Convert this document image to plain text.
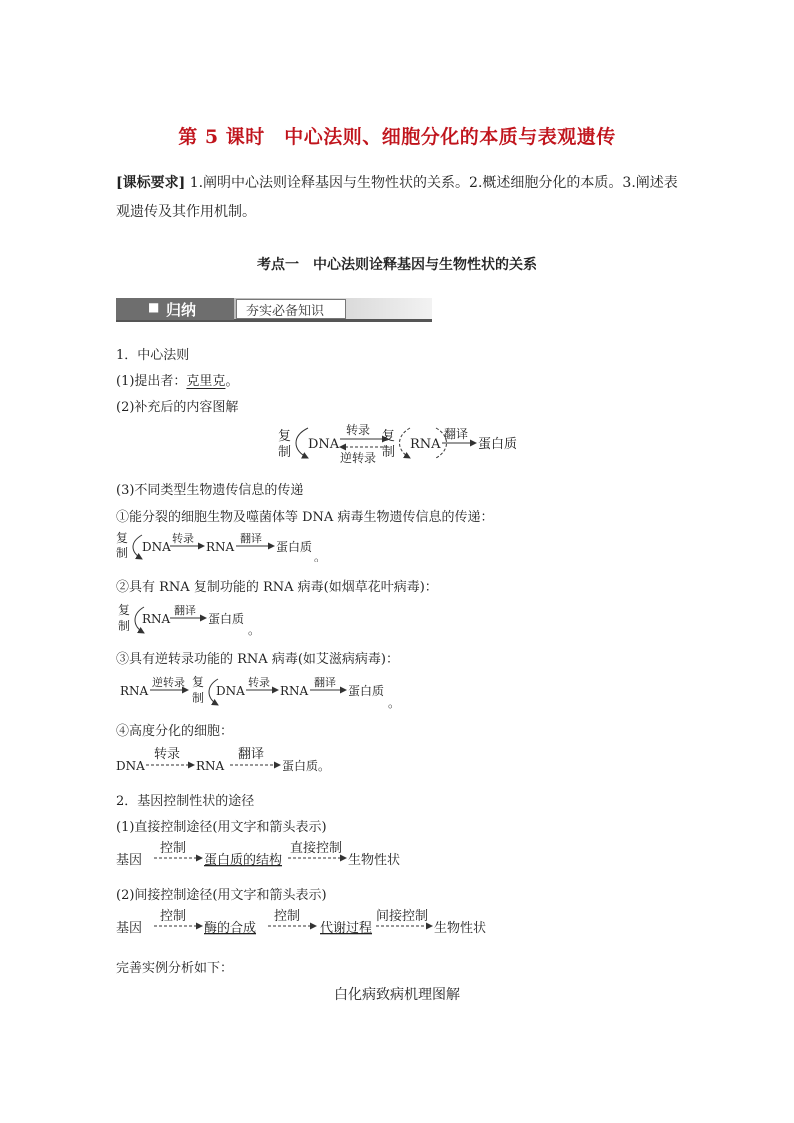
第 5 课时　中心法则、细胞分化的本质与表观遗传
[课标要求] 1.阐明中心法则诠释基因与生物性状的关系。2.概述细胞分化的本质。3.阐述表
观遗传及其作用机制。
考点一　中心法则诠释基因与生物性状的关系
■ 归纳	夯实必备知识
1．中心法则
(1)提出者：克里克。
(2)补充后的内容图解
复
制
DNA
转录
逆转录
复
制
RNA
翻译
蛋白质
(3)不同类型生物遗传信息的传递
①能分裂的细胞生物及噬菌体等 DNA 病毒生物遗传信息的传递：
复
制 DNA
转录
RNA
翻译
蛋白质
。
②具有 RNA 复制功能的 RNA 病毒(如烟草花叶病毒)：
复
制 RNA
翻译
蛋白质
。
③具有逆转录功能的 RNA 病毒(如艾滋病病毒)：
RNA
逆转录 复
制 DNA
转录
RNA
翻译
蛋白质
。
④高度分化的细胞：
DNA
转录
RNA
翻译
蛋白质。
2．基因控制性状的途径
(1)直接控制途径(用文字和箭头表示)
基因
控制
蛋白质的结构
直接控制
生物性状
(2)间接控制途径(用文字和箭头表示)
基因
控制
酶的合成
控制
代谢过程
间接控制
生物性状
完善实例分析如下：
白化病致病机理图解
